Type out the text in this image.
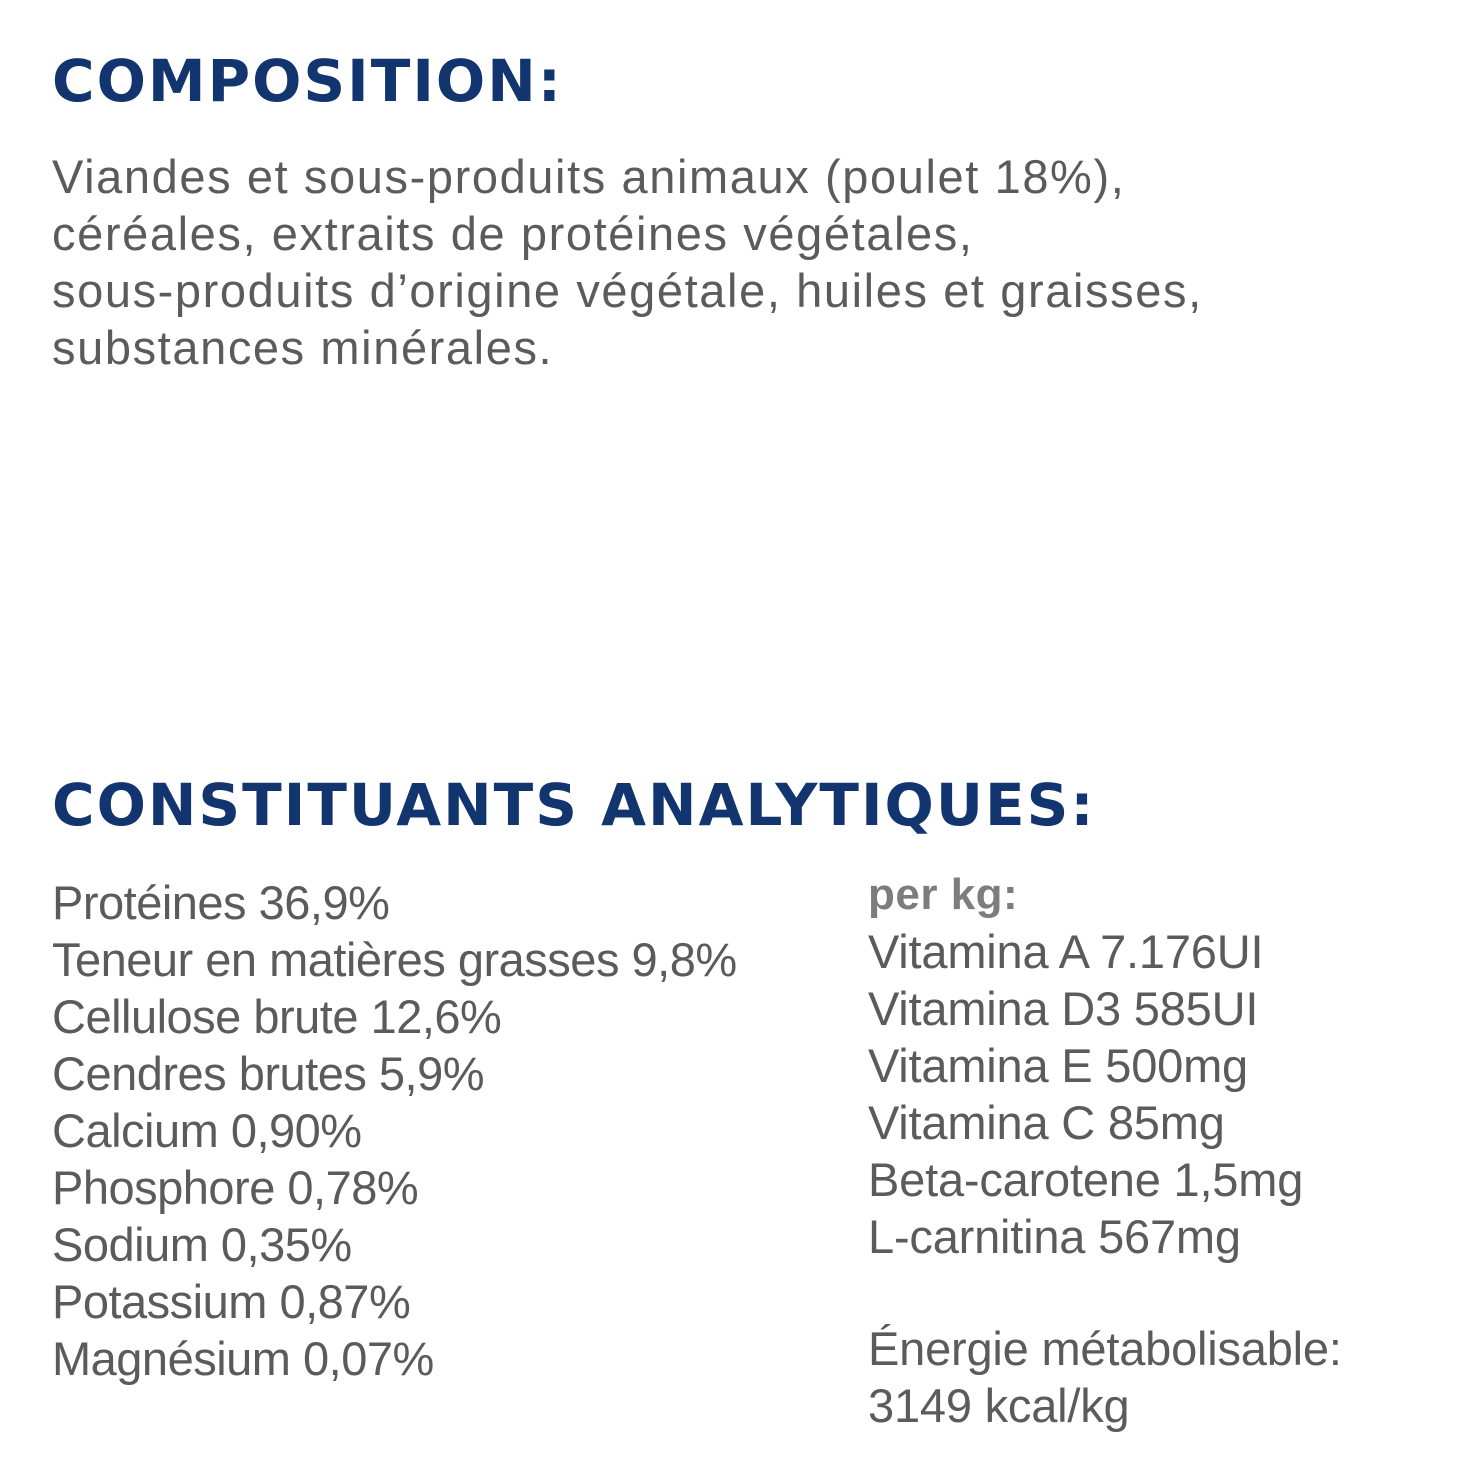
COMPOSITION:

Viandes et sous-produits animaux (poulet 18%),
céréales, extraits de protéines végétales,
sous-produits d’origine végétale, huiles et graisses,
substances minérales.

CONSTITUANTS ANALYTIQUES:
Protéines 36,9%
Teneur en matières grasses 9,8%
Cellulose brute 12,6%
Cendres brutes 5,9%
Calcium 0,90%
Phosphore 0,78%
Sodium 0,35%
Potassium 0,87%
Magnésium 0,07%
per kg:
Vitamina A 7.176UI
Vitamina D3 585UI
Vitamina E 500mg
Vitamina C 85mg
Beta-carotene 1,5mg
L-carnitina 567mg
Énergie métabolisable:
3149 kcal/kg
